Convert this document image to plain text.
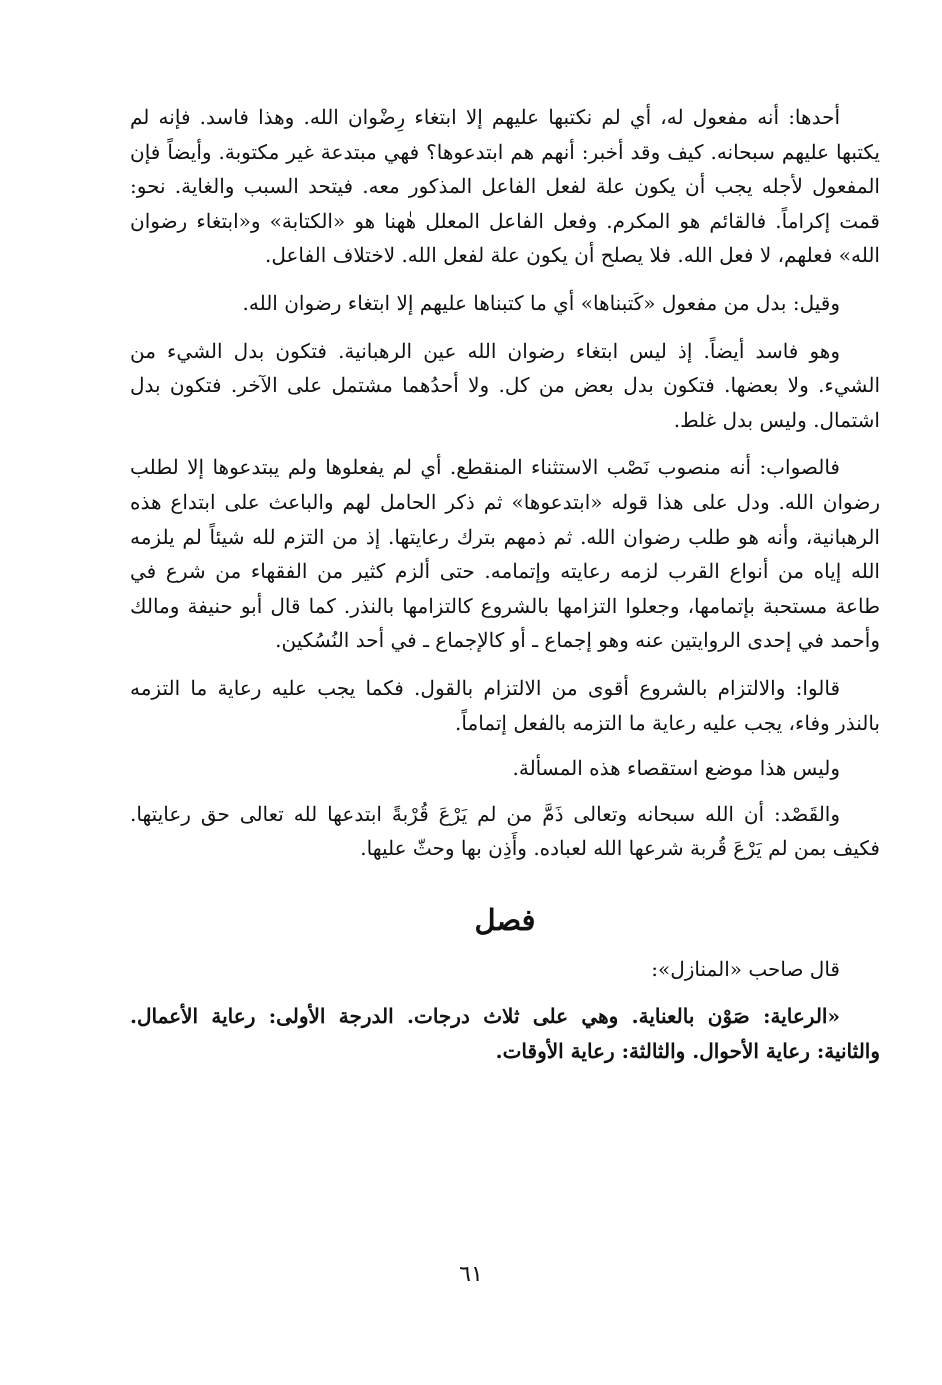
أحدها: أنه مفعول له، أي لم نكتبها عليهم إلا ابتغاء رِضْوان الله. وهذا فاسد. فإنه لم يكتبها عليهم سبحانه. كيف وقد أخبر: أنهم هم ابتدعوها؟ فهي مبتدعة غير مكتوبة. وأيضاً فإن المفعول لأجله يجب أن يكون علة لفعل الفاعل المذكور معه. فيتحد السبب والغاية. نحو: قمت إكراماً. فالقائم هو المكرم. وفعل الفاعل المعلل هٰهنا هو «الكتابة» و«ابتغاء رضوان الله» فعلهم، لا فعل الله. فلا يصلح أن يكون علة لفعل الله. لاختلاف الفاعل.

وقيل: بدل من مفعول «كَتبناها» أي ما كتبناها عليهم إلا ابتغاء رضوان الله.

وهو فاسد أيضاً. إذ ليس ابتغاء رضوان الله عين الرهبانية. فتكون بدل الشيء من الشيء. ولا بعضها. فتكون بدل بعض من كل. ولا أحدُهما مشتمل على الآخر. فتكون بدل اشتمال. وليس بدل غلط.

فالصواب: أنه منصوب نَصْب الاستثناء المنقطع. أي لم يفعلوها ولم يبتدعوها إلا لطلب رضوان الله. ودل على هذا قوله «ابتدعوها» ثم ذكر الحامل لهم والباعث على ابتداع هذه الرهبانية، وأنه هو طلب رضوان الله. ثم ذمهم بترك رعايتها. إذ من التزم لله شيئاً لم يلزمه الله إياه من أنواع القرب لزمه رعايته وإتمامه. حتى ألزم كثير من الفقهاء من شرع في طاعة مستحبة بإتمامها، وجعلوا التزامها بالشروع كالتزامها بالنذر. كما قال أبو حنيفة ومالك وأحمد في إحدى الروايتين عنه وهو إجماع ـ أو كالإجماع ـ في أحد النُسُكين.

قالوا: والالتزام بالشروع أقوى من الالتزام بالقول. فكما يجب عليه رعاية ما التزمه بالنذر وفاء، يجب عليه رعاية ما التزمه بالفعل إتماماً.

وليس هذا موضع استقصاء هذه المسألة.

والقَصْد: أن الله سبحانه وتعالى ذَمَّ من لم يَرْعَ قُرْبةً ابتدعها لله تعالى حق رعايتها. فكيف بمن لم يَرْعَ قُربة شرعها الله لعباده. وأَذِن بها وحثّ عليها.

فصل

قال صاحب «المنازل»:

«الرعاية: صَوْن بالعناية. وهي على ثلاث درجات. الدرجة الأولى: رعاية الأعمال. والثانية: رعاية الأحوال. والثالثة: رعاية الأوقات.

٦١
